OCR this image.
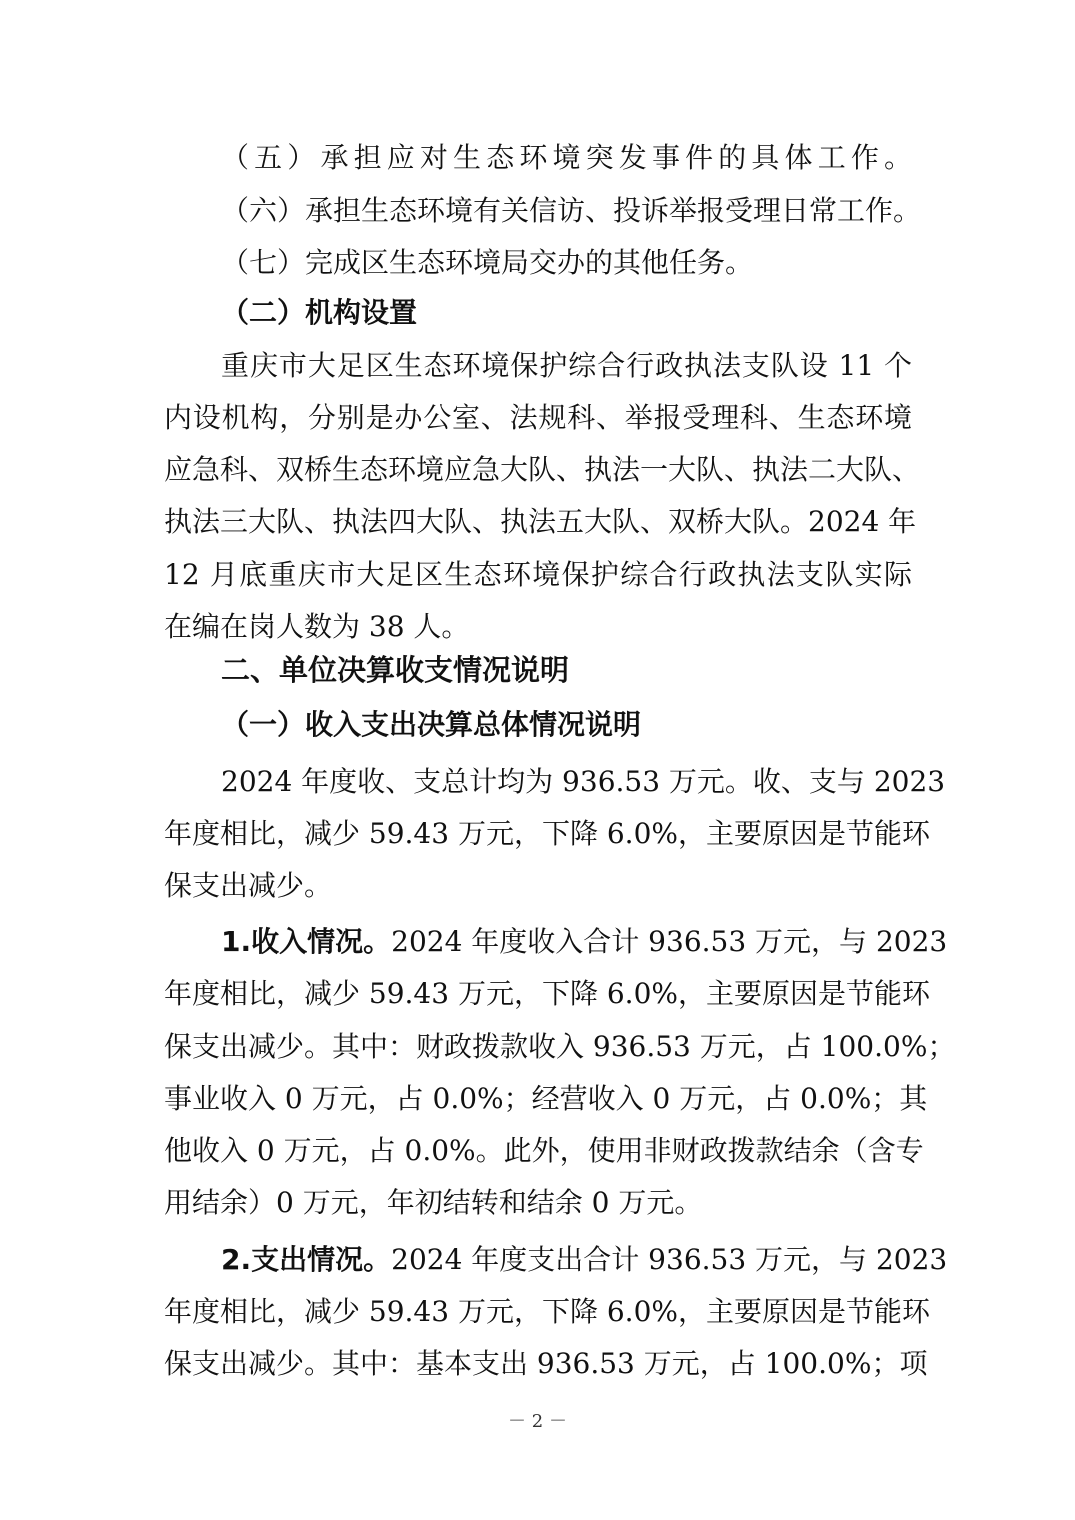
（五）承担应对生态环境突发事件的具体工作。
（六）承担生态环境有关信访、投诉举报受理日常工作。
（七）完成区生态环境局交办的其他任务。
（二）机构设置
重庆市大足区生态环境保护综合行政执法支队设 11 个
内设机构，分别是办公室、法规科、举报受理科、生态环境
应急科、双桥生态环境应急大队、执法一大队、执法二大队、
执法三大队、执法四大队、执法五大队、双桥大队。2024 年
12 月底重庆市大足区生态环境保护综合行政执法支队实际
在编在岗人数为 38 人。
二、单位决算收支情况说明
（一）收入支出决算总体情况说明
2024 年度收、支总计均为 936.53 万元。收、支与 2023
年度相比，减少 59.43 万元，下降 6.0%，主要原因是节能环
保支出减少。
1.收入情况。 2024 年度收入合计 936.53 万元，与 2023
年度相比，减少 59.43 万元，下降 6.0%，主要原因是节能环
保支出减少。其中：财政拨款收入 936.53 万元，占 100.0%；
事业收入 0 万元，占 0.0%；经营收入 0 万元，占 0.0%；其
他收入 0 万元，占 0.0%。此外，使用非财政拨款结余（含专
用结余）0 万元，年初结转和结余 0 万元。
2.支出情况。 2024 年度支出合计 936.53 万元，与 2023
年度相比，减少 59.43 万元，下降 6.0%，主要原因是节能环
保支出减少。其中：基本支出 936.53 万元，占 100.0%；项
－ 2 －
